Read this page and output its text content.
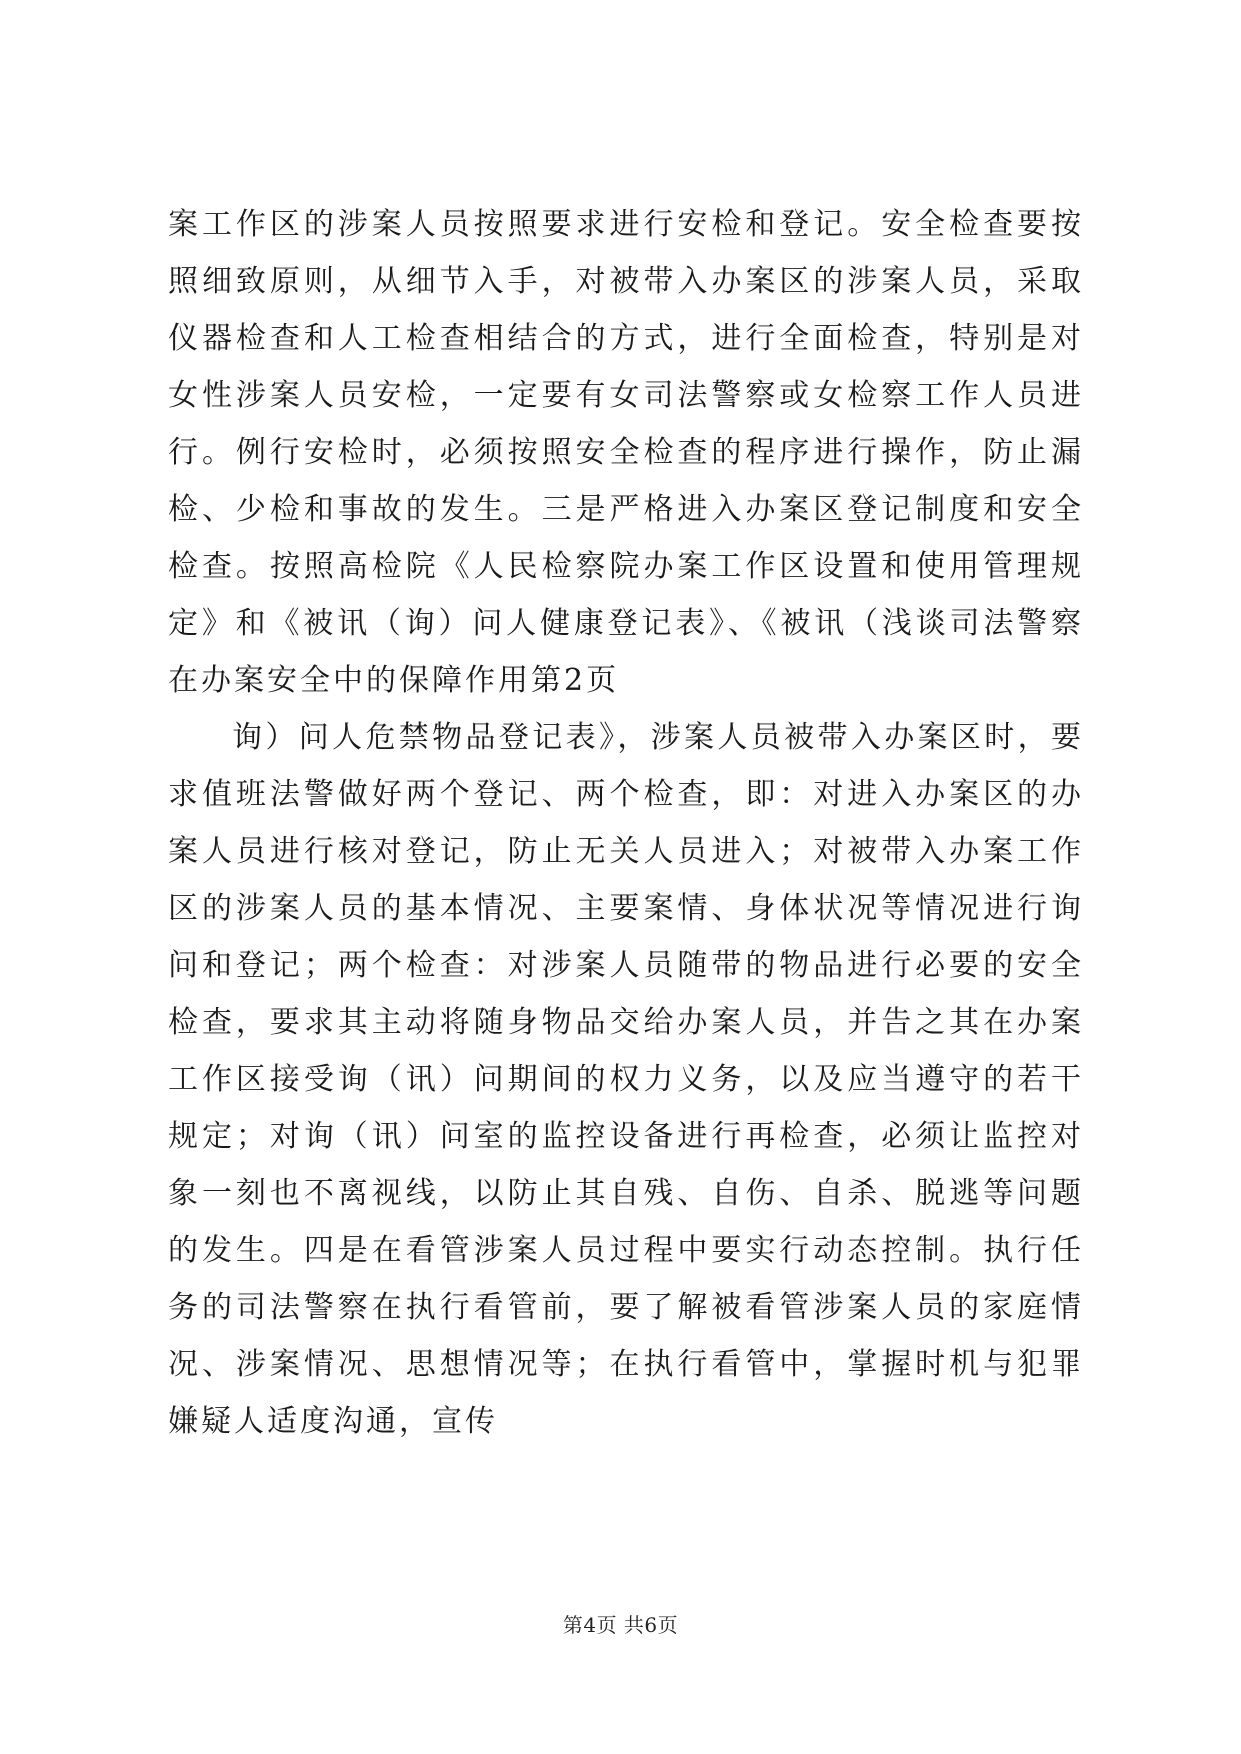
案工作区的涉案人员按照要求进行安检和登记。安全检查要按照细致原则，从细节入手，对被带入办案区的涉案人员，采取仪器检查和人工检查相结合的方式，进行全面检查，特别是对女性涉案人员安检，一定要有女司法警察或女检察工作人员进行。例行安检时，必须按照安全检查的程序进行操作，防止漏检、少检和事故的发生。三是严格进入办案区登记制度和安全检查。按照高检院《人民检察院办案工作区设置和使用管理规定》和《被讯（询）问人健康登记表》、《被讯（浅谈司法警察在办案安全中的保障作用第2页

询）问人危禁物品登记表》，涉案人员被带入办案区时，要求值班法警做好两个登记、两个检查，即：对进入办案区的办案人员进行核对登记，防止无关人员进入；对被带入办案工作区的涉案人员的基本情况、主要案情、身体状况等情况进行询问和登记；两个检查：对涉案人员随带的物品进行必要的安全检查，要求其主动将随身物品交给办案人员，并告之其在办案工作区接受询（讯）问期间的权力义务，以及应当遵守的若干规定；对询（讯）问室的监控设备进行再检查，必须让监控对象一刻也不离视线，以防止其自残、自伤、自杀、脱逃等问题的发生。四是在看管涉案人员过程中要实行动态控制。执行任务的司法警察在执行看管前，要了解被看管涉案人员的家庭情况、涉案情况、思想情况等；在执行看管中，掌握时机与犯罪嫌疑人适度沟通，宣传

第4页 共6页
